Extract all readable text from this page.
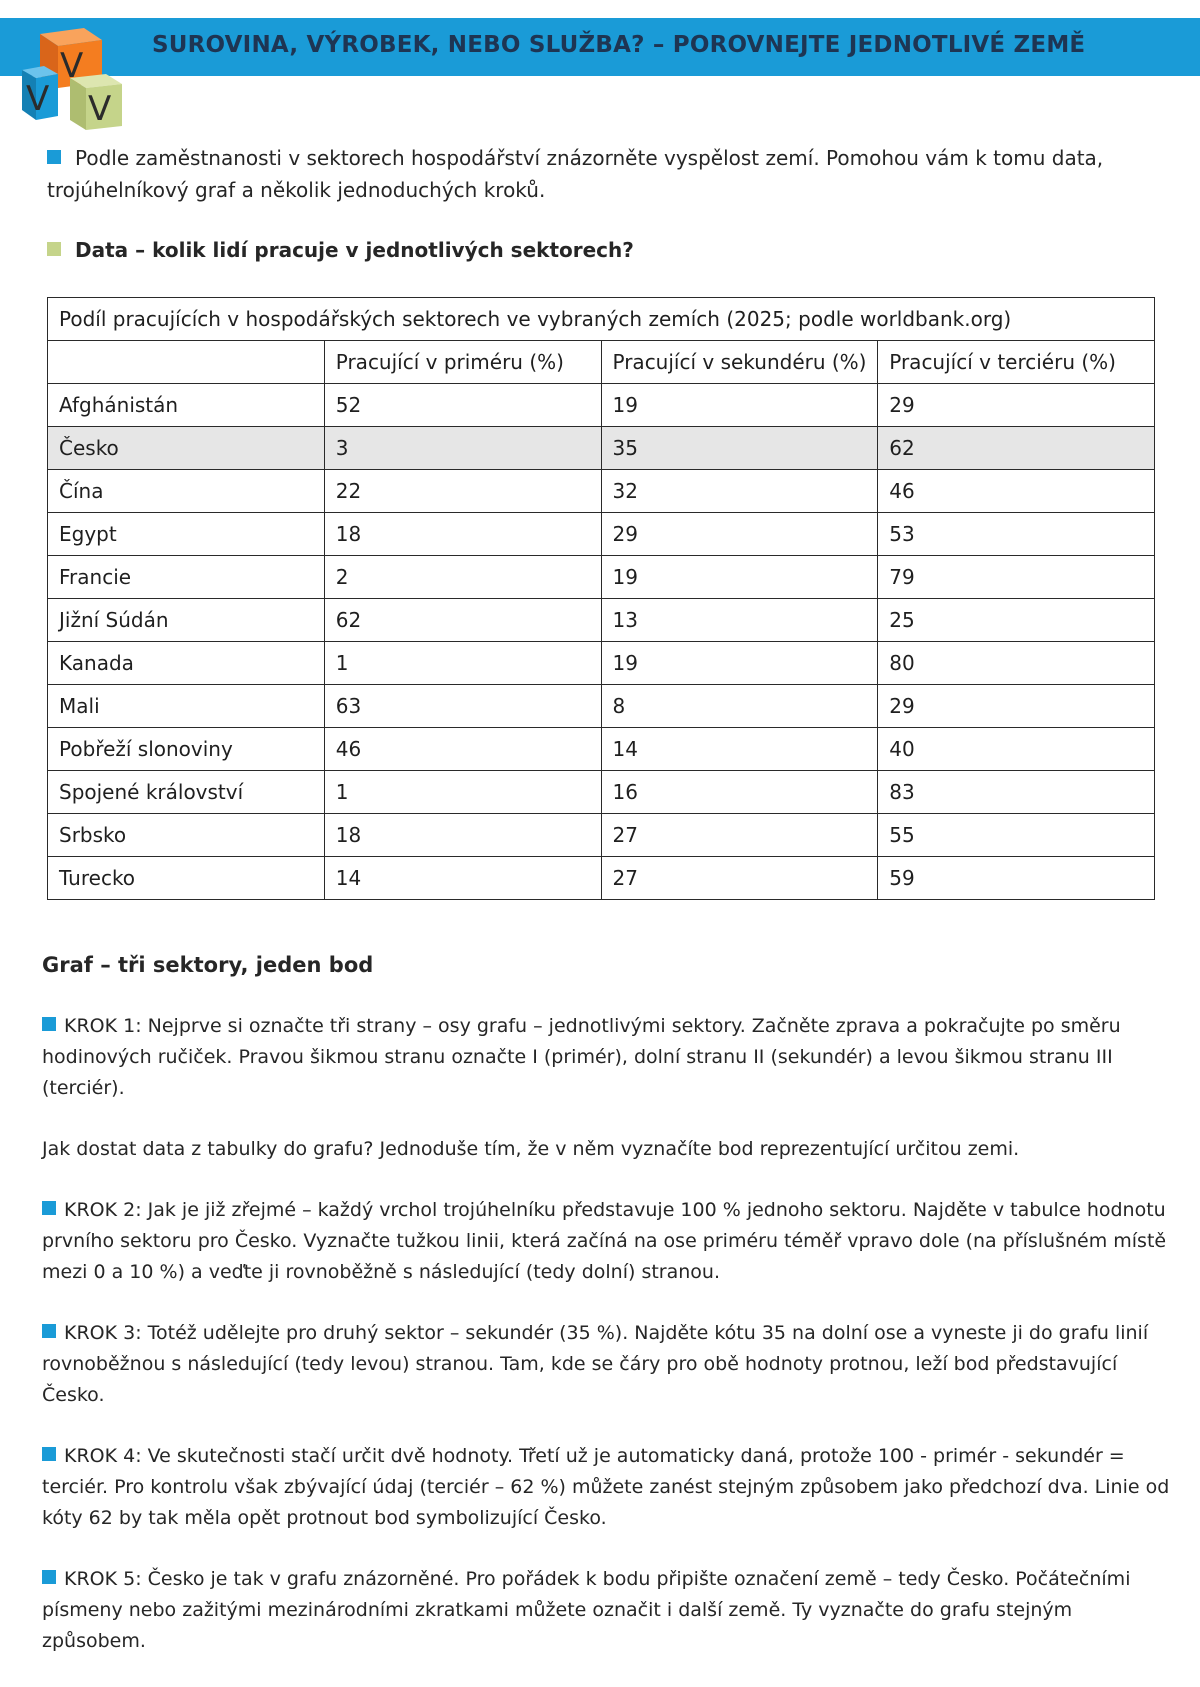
SUROVINA, VÝROBEK, NEBO SLUŽBA? – POROVNEJTE JEDNOTLIVÉ ZEMĚ
V
V V
Podle zaměstnanosti v sektorech hospodářství znázorněte vyspělost zemí. Pomohou vám k tomu data,
trojúhelníkový graf a několik jednoduchých kroků.
Data – kolik lidí pracuje v jednotlivých sektorech?
Podíl pracujících v hospodářských sektorech ve vybraných zemích (2025; podle worldbank.org)			
	Pracující v priméru (%)	Pracující v sekundéru (%)	Pracující v terciéru (%)
Afghánistán	52	19	29
Česko	3	35	62
Čína	22	32	46
Egypt	18	29	53
Francie	2	19	79
Jižní Súdán	62	13	25
Kanada	1	19	80
Mali	63	8	29
Pobřeží slonoviny	46	14	40
Spojené království	1	16	83
Srbsko	18	27	55
Turecko	14	27	59

Graf – tři sektory, jeden bod

KROK 1: Nejprve si označte tři strany – osy grafu – jednotlivými sektory. Začněte zprava a pokračujte po směru hodinových ručiček. Pravou šikmou stranu označte I (primér), dolní stranu II (sekundér) a levou šikmou stranu III (terciér).

Jak dostat data z tabulky do grafu? Jednoduše tím, že v něm vyznačíte bod reprezentující určitou zemi.

KROK 2: Jak je již zřejmé – každý vrchol trojúhelníku představuje 100 % jednoho sektoru. Najděte v tabulce hodnotu prvního sektoru pro Česko. Vyznačte tužkou linii, která začíná na ose priméru téměř vpravo dole (na příslušném místě mezi 0 a 10 %) a veďte ji rovnoběžně s následující (tedy dolní) stranou.

KROK 3: Totéž udělejte pro druhý sektor – sekundér (35 %). Najděte kótu 35 na dolní ose a vyneste ji do grafu linií rovnoběžnou s následující (tedy levou) stranou. Tam, kde se čáry pro obě hodnoty protnou, leží bod představující Česko.

KROK 4: Ve skutečnosti stačí určit dvě hodnoty. Třetí už je automaticky daná, protože 100 - primér - sekundér = terciér. Pro kontrolu však zbývající údaj (terciér – 62 %) můžete zanést stejným způsobem jako předchozí dva. Linie od kóty 62 by tak měla opět protnout bod symbolizující Česko.

KROK 5: Česko je tak v grafu znázorněné. Pro pořádek k bodu připište označení země – tedy Česko. Počátečními písmeny nebo zažitými mezinárodními zkratkami můžete označit i další země. Ty vyznačte do grafu stejným způsobem.
